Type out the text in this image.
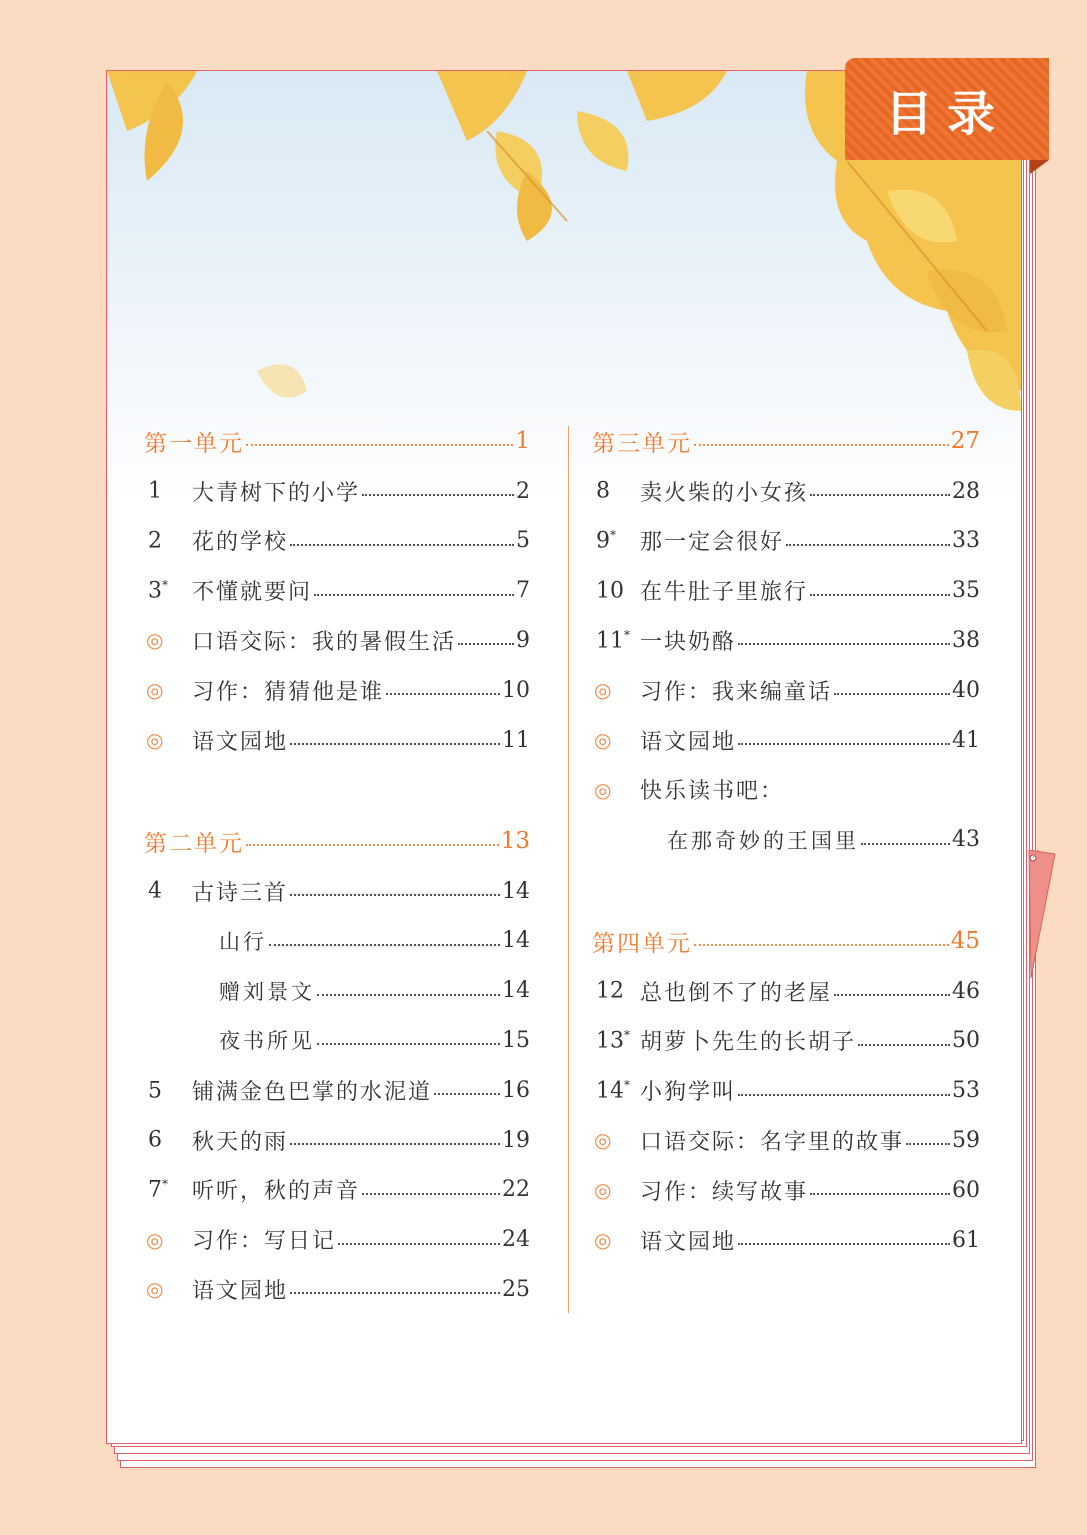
目录
第一单元	1
1	大青树下的小学	2
2	花的学校	5
3*	不懂就要问	7
◎	口语交际：我的暑假生活	9
◎	习作：猜猜他是谁	10
◎	语文园地	11
第二单元	13
4	古诗三首	14
山行	14
赠刘景文	14
夜书所见	15
5	铺满金色巴掌的水泥道	16
6	秋天的雨	19
7*	听听，秋的声音	22
◎	习作：写日记	24
◎	语文园地	25
第三单元	27
8	卖火柴的小女孩	28
9*	那一定会很好	33
10 在牛肚子里旅行	35
11* 一块奶酪	38
◎	习作：我来编童话	40
◎	语文园地	41
◎	快乐读书吧：
在那奇妙的王国里	43
第四单元	45
12 总也倒不了的老屋	46
13* 胡萝卜先生的长胡子	50
14* 小狗学叫	53
◎	口语交际：名字里的故事 59
◎	习作：续写故事	60
◎	语文园地	61
